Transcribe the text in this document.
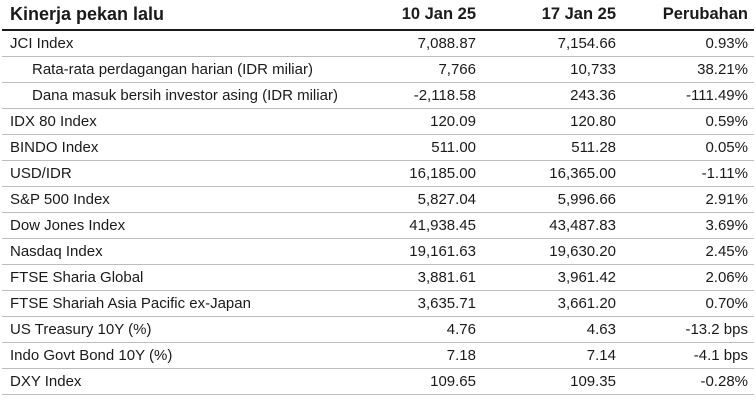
Kinerja pekan lalu	10 Jan 25	17 Jan 25	Perubahan
JCI Index	7,088.87	7,154.66	0.93%
Rata-rata perdagangan harian (IDR miliar)	7,766	10,733	38.21%
Dana masuk bersih investor asing (IDR miliar)	-2,118.58	243.36	-111.49%
IDX 80 Index	120.09	120.80	0.59%
BINDO Index	511.00	511.28	0.05%
USD/IDR	16,185.00	16,365.00	-1.11%
S&P 500 Index	5,827.04	5,996.66	2.91%
Dow Jones Index	41,938.45	43,487.83	3.69%
Nasdaq Index	19,161.63	19,630.20	2.45%
FTSE Sharia Global	3,881.61	3,961.42	2.06%
FTSE Shariah Asia Pacific ex-Japan	3,635.71	3,661.20	0.70%
US Treasury 10Y (%)	4.76	4.63	-13.2 bps
Indo Govt Bond 10Y (%)	7.18	7.14	-4.1 bps
DXY Index	109.65	109.35	-0.28%
